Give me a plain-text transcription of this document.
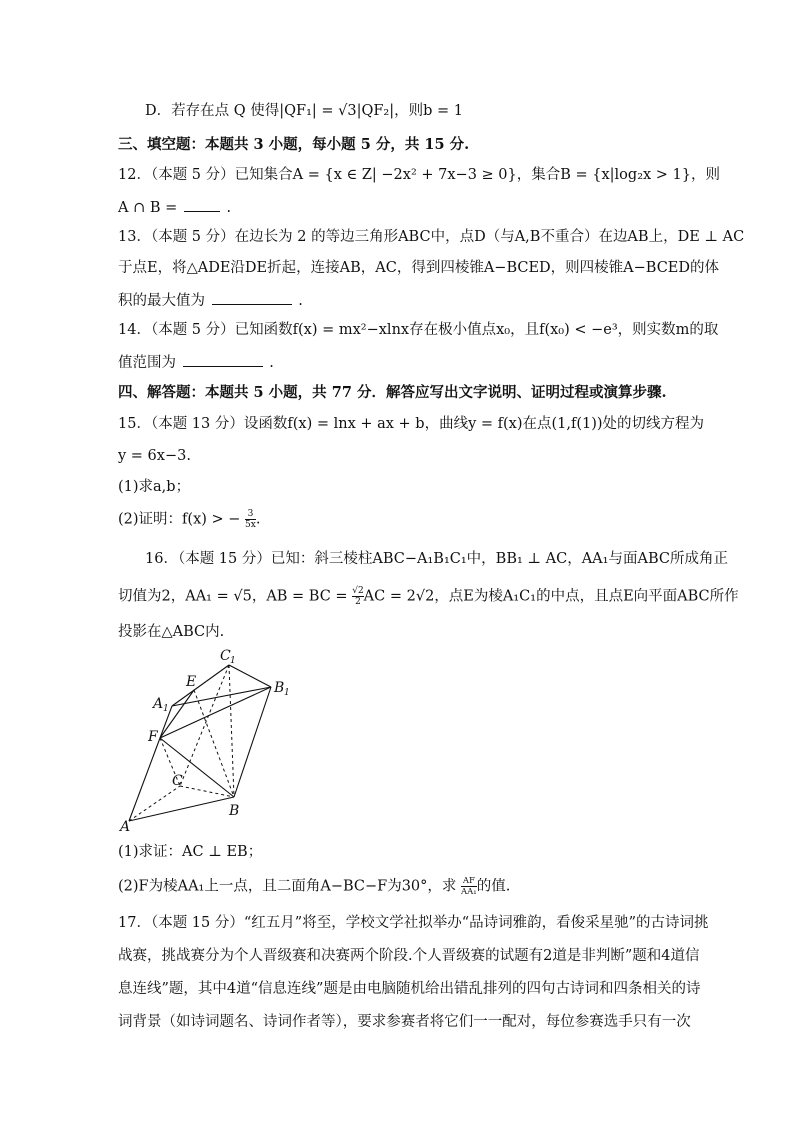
D．若存在点 Q 使得|QF₁| = √3|QF₂|，则b = 1
三、填空题：本题共 3 小题，每小题 5 分，共 15 分.
12．（本题 5 分）已知集合A = {x ∈ Z| −2x² + 7x−3 ≥ 0}，集合B = {x|log₂x > 1}，则
A ∩ B =	.
13．（本题 5 分）在边长为 2 的等边三角形ABC中，点D（与A,B不重合）在边AB上，DE ⊥ AC
于点E，将△ADE沿DE折起，连接AB，AC，得到四棱锥A−BCED，则四棱锥A−BCED的体
积的最大值为	.
14．（本题 5 分）已知函数f(x) = mx²−xlnx存在极小值点x₀，且f(x₀) < −e³，则实数m的取
值范围为	.
四、解答题：本题共 5 小题，共 77 分．解答应写出文字说明、证明过程或演算步骤.
15．（本题 13 分）设函数f(x) = lnx + ax + b，曲线y = f(x)在点(1,f(1))处的切线方程为
y = 6x−3.
(1)求a,b；
(2)证明：f(x) > − $\frac{3}{5x}$ .
16．（本题 15 分）已知：斜三棱柱ABC−A₁B₁C₁中，BB₁ ⊥ AC，AA₁与面ABC所成角正
切值为2，AA₁ = √5，AB = BC = $\frac{√2}{2}$ AC = 2√2，点E为棱A₁C₁的中点，且点E向平面ABC所作
投影在△ABC内.
C 1
E	B 1
A 1
F
C
B
A
(1)求证：AC ⊥ EB；
(2)F为棱AA₁上一点，且二面角A−BC−F为30°，求 $\frac{AF}{\text{AA₁}}$ 的值.
17．（本题 15 分）“红五月”将至，学校文学社拟举办“品诗词雅韵，看俊采星驰”的古诗词挑
战赛，挑战赛分为个人晋级赛和决赛两个阶段.个人晋级赛的试题有2道是非判断”题和4道信
息连线”题，其中4道“信息连线”题是由电脑随机给出错乱排列的四句古诗词和四条相关的诗
词背景（如诗词题名、诗词作者等），要求参赛者将它们一一配对，每位参赛选手只有一次
